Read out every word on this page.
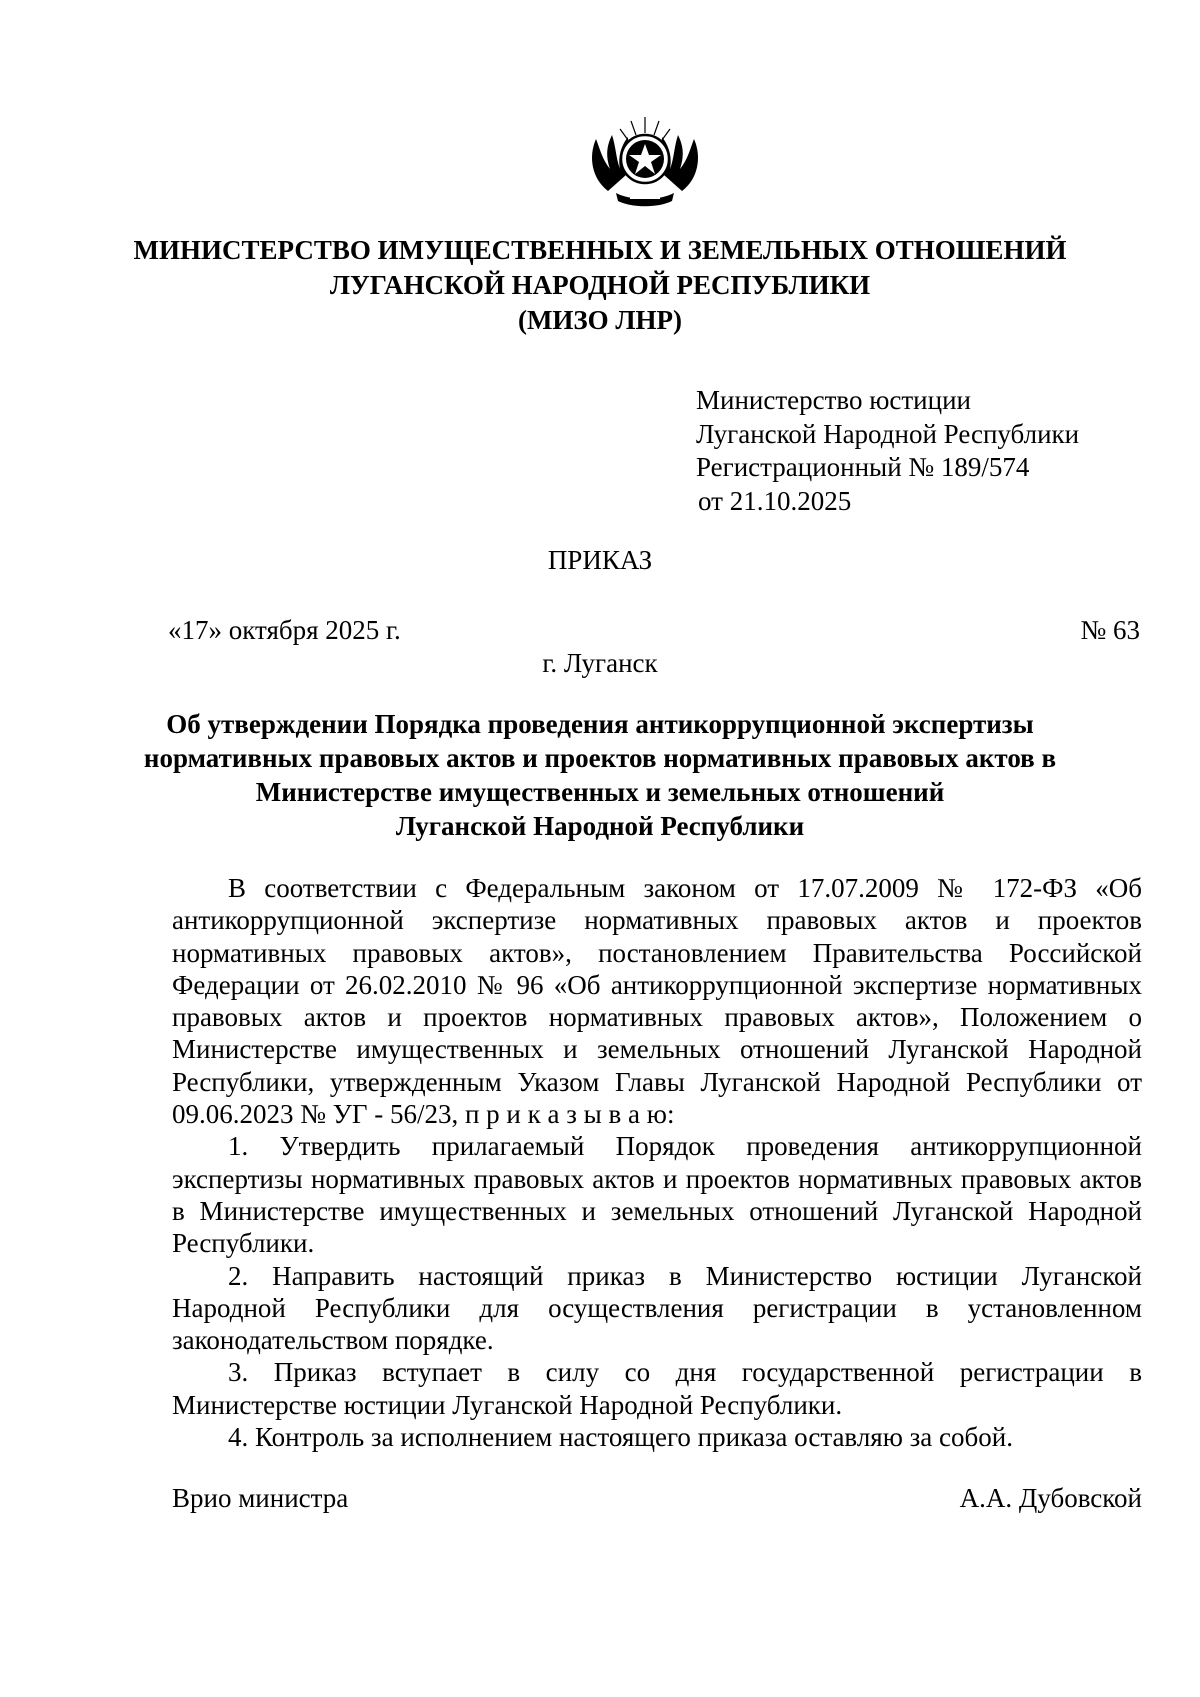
МИНИСТЕРСТВО ИМУЩЕСТВЕННЫХ И ЗЕМЕЛЬНЫХ ОТНОШЕНИЙ
ЛУГАНСКОЙ НАРОДНОЙ РЕСПУБЛИКИ
(МИЗО ЛНР)
Министерство юстиции
Луганской Народной Республики
Регистрационный № 189/574
от 21.10.2025
ПРИКАЗ
«17» октября 2025 г.	№ 63
г. Луганск
Об утверждении Порядка проведения антикоррупционной экспертизы
нормативных правовых актов и проектов нормативных правовых актов в
Министерстве имущественных и земельных отношений
Луганской Народной Республики

В соответствии с Федеральным законом от 17.07.2009 № 172-ФЗ «Об антикоррупционной экспертизе нормативных правовых актов и проектов нормативных правовых актов», постановлением Правительства Российской Федерации от 26.02.2010 № 96 «Об антикоррупционной экспертизе нормативных правовых актов и проектов нормативных правовых актов», Положением о Министерстве имущественных и земельных отношений Луганской Народной Республики, утвержденным Указом Главы Луганской Народной Республики от 09.06.2023 № УГ - 56/23, п р и к а з ы в а ю:

1. Утвердить прилагаемый Порядок проведения антикоррупционной экспертизы нормативных правовых актов и проектов нормативных правовых актов в Министерстве имущественных и земельных отношений Луганской Народной Республики.

2. Направить настоящий приказ в Министерство юстиции Луганской Народной Республики для осуществления регистрации в установленном законодательством порядке.

3. Приказ вступает в силу со дня государственной регистрации в Министерстве юстиции Луганской Народной Республики.

4. Контроль за исполнением настоящего приказа оставляю за собой.

Врио министра	А.А. Дубовской
